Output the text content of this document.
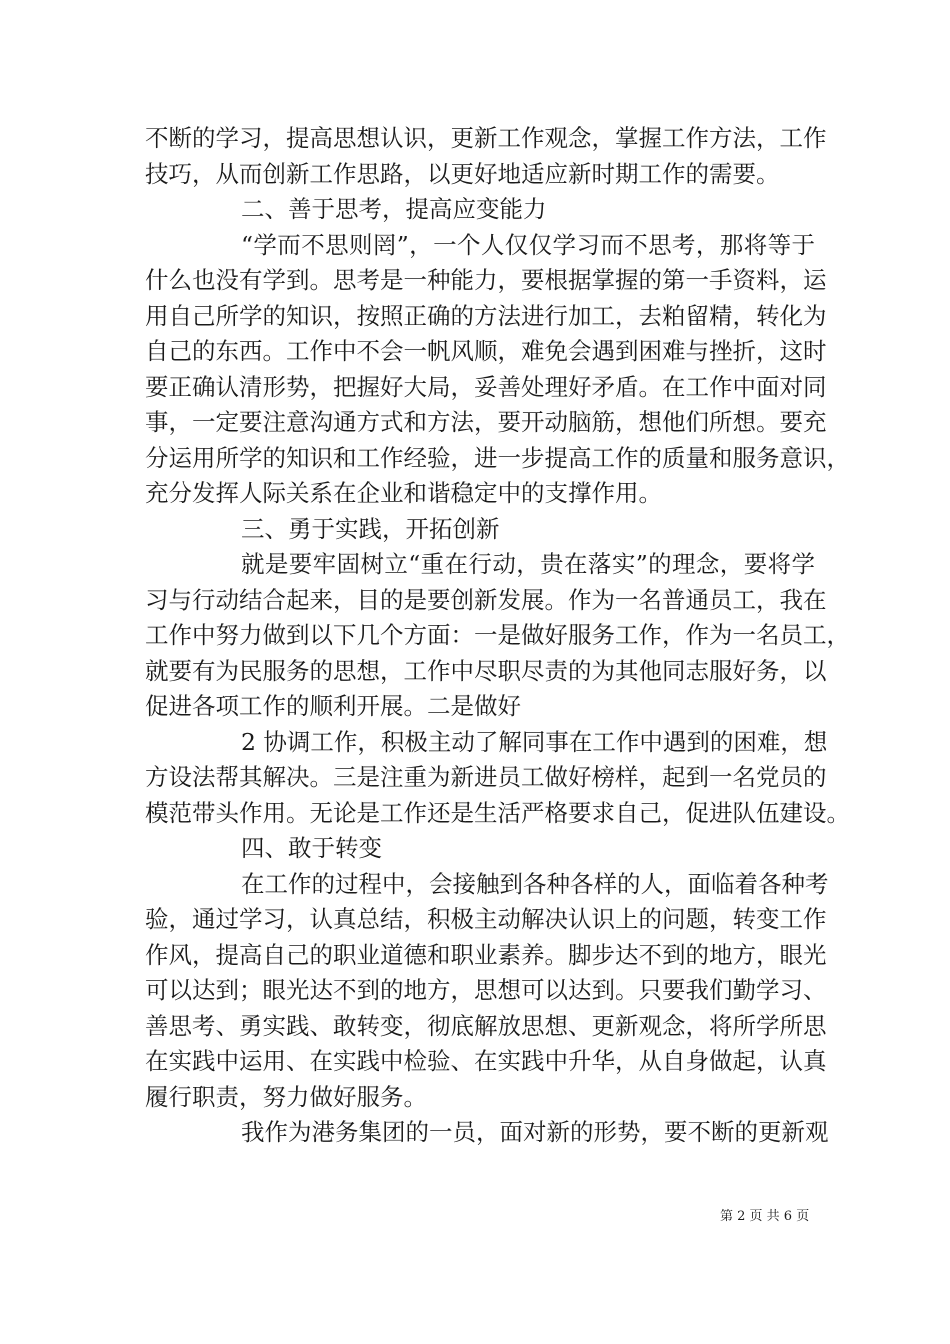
不断的学习，提高思想认识，更新工作观念，掌握工作方法，工作
技巧，从而创新工作思路，以更好地适应新时期工作的需要。
二、善于思考，提高应变能力
“学而不思则罔”，一个人仅仅学习而不思考，那将等于
什么也没有学到。思考是一种能力，要根据掌握的第一手资料，运
用自己所学的知识，按照正确的方法进行加工，去粕留精，转化为
自己的东西。工作中不会一帆风顺，难免会遇到困难与挫折，这时
要正确认清形势，把握好大局，妥善处理好矛盾。在工作中面对同
事，一定要注意沟通方式和方法，要开动脑筋，想他们所想。要充
分运用所学的知识和工作经验，进一步提高工作的质量和服务意识，
充分发挥人际关系在企业和谐稳定中的支撑作用。
三、勇于实践，开拓创新
就是要牢固树立“重在行动，贵在落实”的理念，要将学
习与行动结合起来，目的是要创新发展。作为一名普通员工，我在
工作中努力做到以下几个方面：一是做好服务工作，作为一名员工，
就要有为民服务的思想，工作中尽职尽责的为其他同志服好务，以
促进各项工作的顺利开展。二是做好
2 协调工作，积极主动了解同事在工作中遇到的困难，想
方设法帮其解决。三是注重为新进员工做好榜样，起到一名党员的
模范带头作用。无论是工作还是生活严格要求自己，促进队伍建设。
四、敢于转变
在工作的过程中，会接触到各种各样的人，面临着各种考
验，通过学习，认真总结，积极主动解决认识上的问题，转变工作
作风，提高自己的职业道德和职业素养。脚步达不到的地方，眼光
可以达到；眼光达不到的地方，思想可以达到。只要我们勤学习、
善思考、勇实践、敢转变，彻底解放思想、更新观念，将所学所思
在实践中运用、在实践中检验、在实践中升华，从自身做起，认真
履行职责，努力做好服务。
我作为港务集团的一员，面对新的形势，要不断的更新观
第 2 页 共 6 页
